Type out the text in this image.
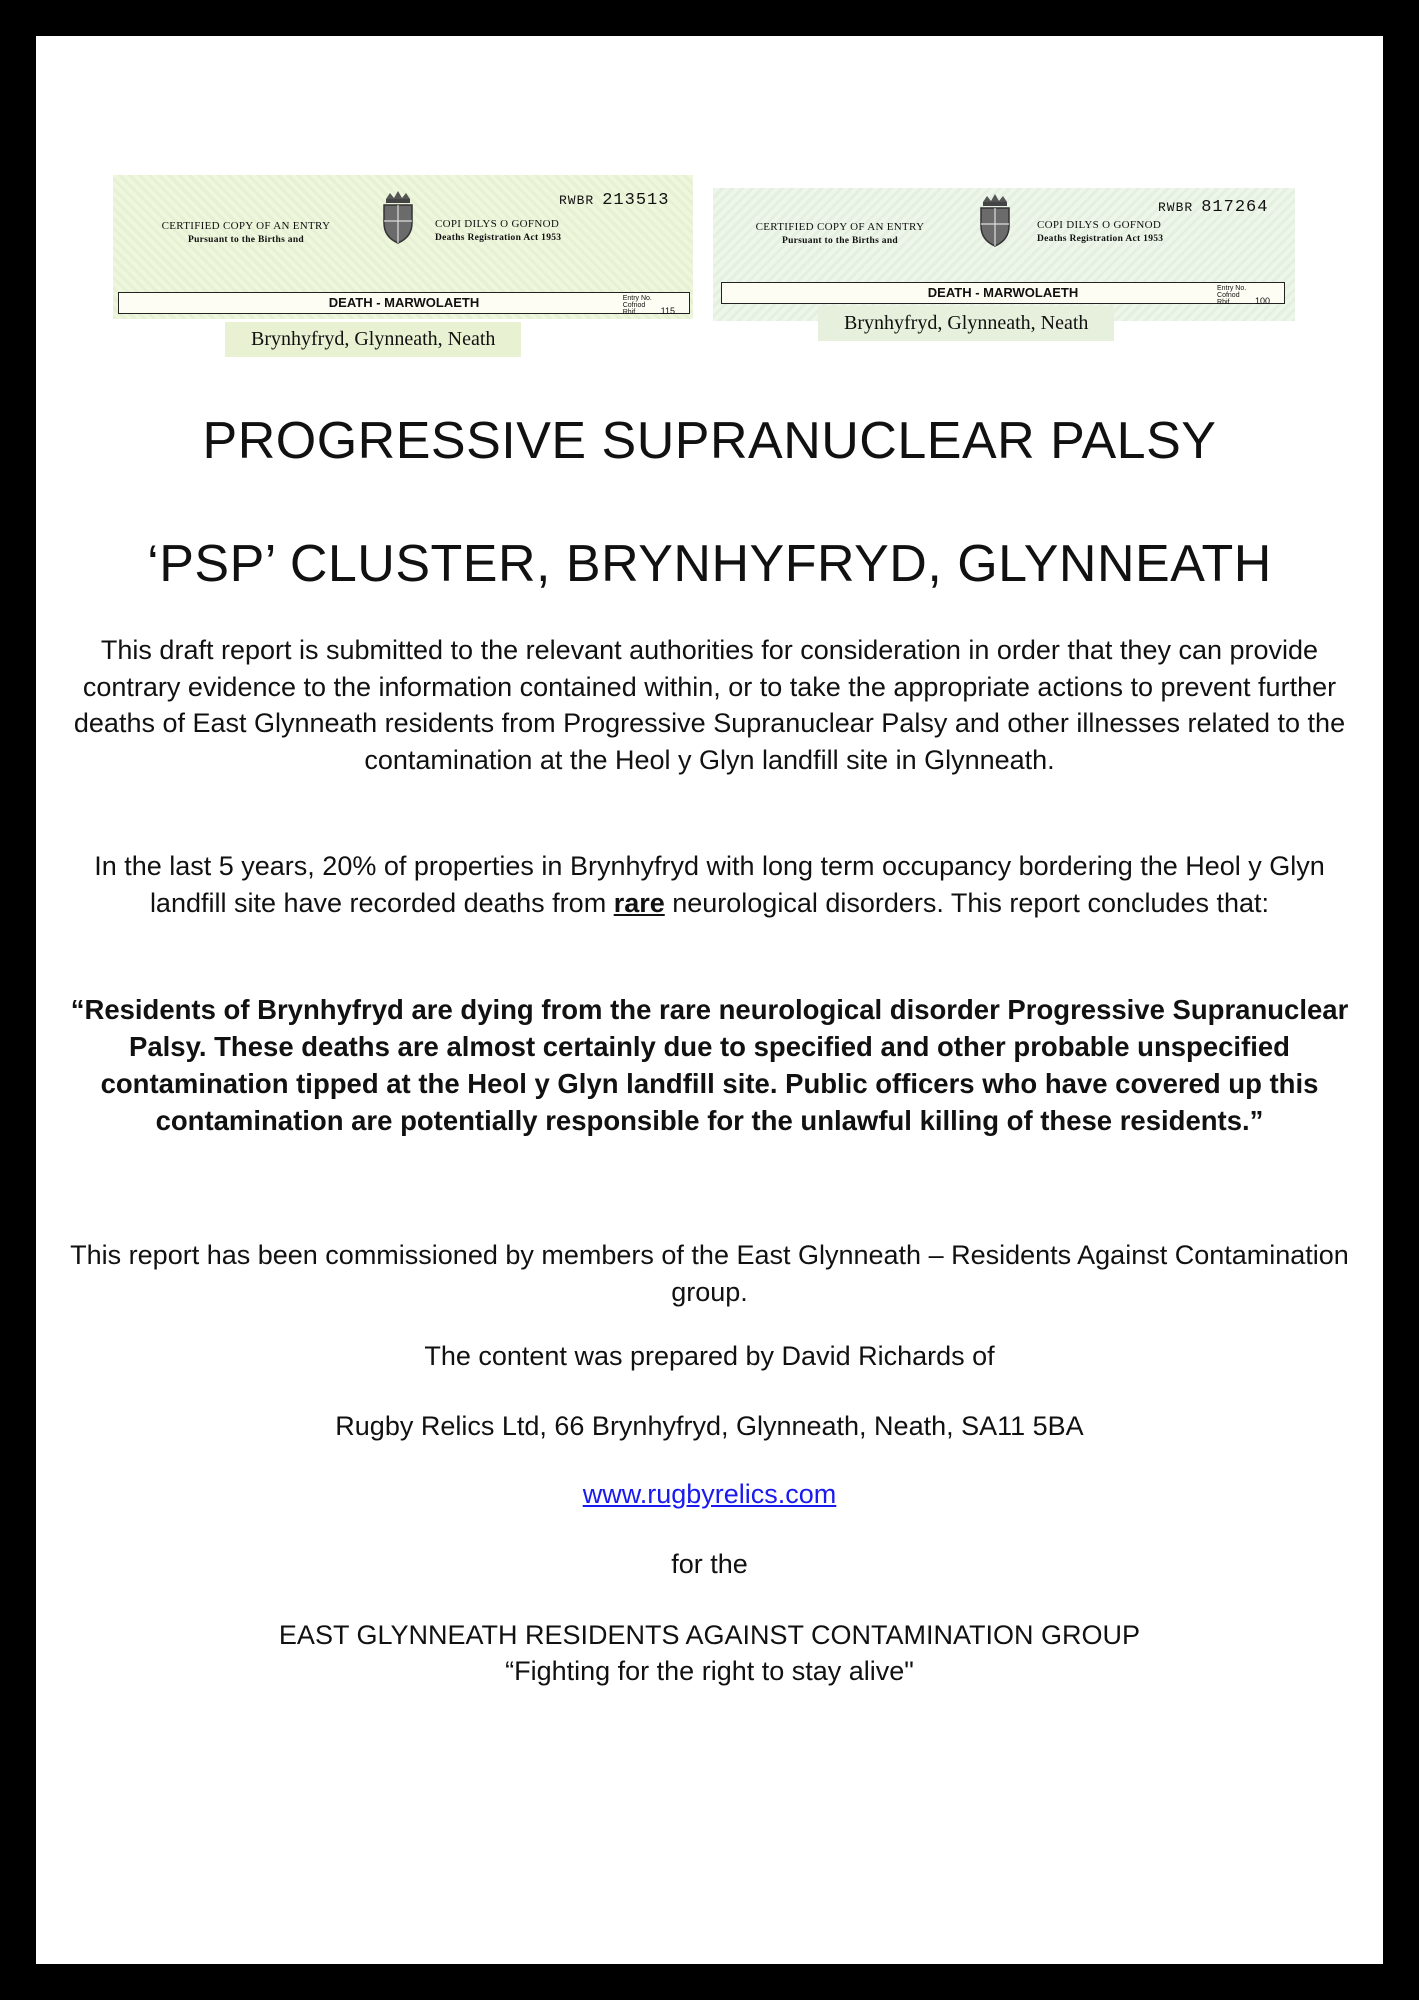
CERTIFIED COPY OF AN ENTRY
Pursuant to the Births and
COPI DILYS O GOFNOD
Deaths Registration Act 1953
RWBR 213513
DEATH - MARWOLAETH	Entry No. Cofnod Rhif	115
Brynhyfryd, Glynneath, Neath
CERTIFIED COPY OF AN ENTRY
Pursuant to the Births and
COPI DILYS O GOFNOD
Deaths Registration Act 1953
RWBR 817264
DEATH - MARWOLAETH	Entry No. Cofnod Rhif	100
Brynhyfryd, Glynneath, Neath
PROGRESSIVE SUPRANUCLEAR PALSY
‘PSP’ CLUSTER, BRYNHYFRYD, GLYNNEATH
This draft report is submitted to the relevant authorities for consideration in order that they can provide contrary evidence to the information contained within, or to take the appropriate actions to prevent further deaths of East Glynneath residents from Progressive Supranuclear Palsy and other illnesses related to the contamination at the Heol y Glyn landfill site in Glynneath.
In the last 5 years, 20% of properties in Brynhyfryd with long term occupancy bordering the Heol y Glyn landfill site have recorded deaths from rare neurological disorders. This report concludes that:
“Residents of Brynhyfryd are dying from the rare neurological disorder Progressive Supranuclear Palsy. These deaths are almost certainly due to specified and other probable unspecified contamination tipped at the Heol y Glyn landfill site. Public officers who have covered up this contamination are potentially responsible for the unlawful killing of these residents.”
This report has been commissioned by members of the East Glynneath – Residents Against Contamination group.
The content was prepared by David Richards of
Rugby Relics Ltd, 66 Brynhyfryd, Glynneath, Neath, SA11 5BA
www.rugbyrelics.com
for the
EAST GLYNNEATH RESIDENTS AGAINST CONTAMINATION GROUP
“Fighting for the right to stay alive"
